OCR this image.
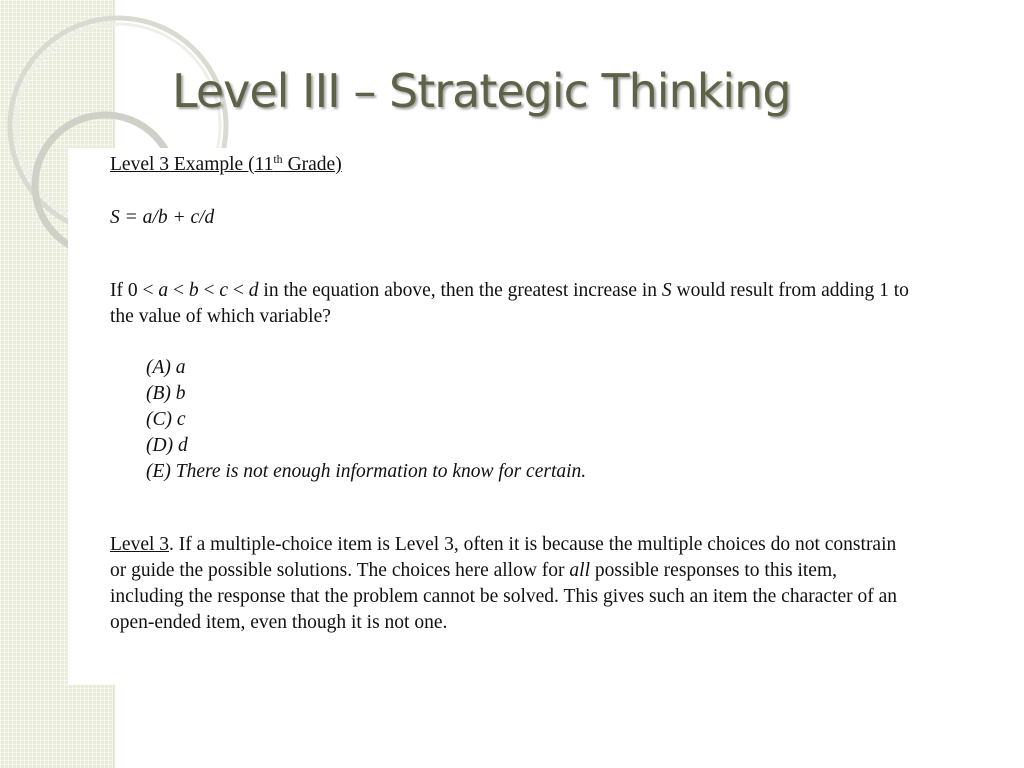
Level III – Strategic Thinking
Level 3 Example (11th Grade)
S = a/b + c/d
If 0 < a < b < c < d in the equation above, then the greatest increase in S would result from adding 1 to the value of which variable?
(A) a
(B) b
(C) c
(D) d
(E) There is not enough information to know for certain.
Level 3. If a multiple-choice item is Level 3, often it is because the multiple choices do not constrain or guide the possible solutions. The choices here allow for all possible responses to this item, including the response that the problem cannot be solved. This gives such an item the character of an open-ended item, even though it is not one.
